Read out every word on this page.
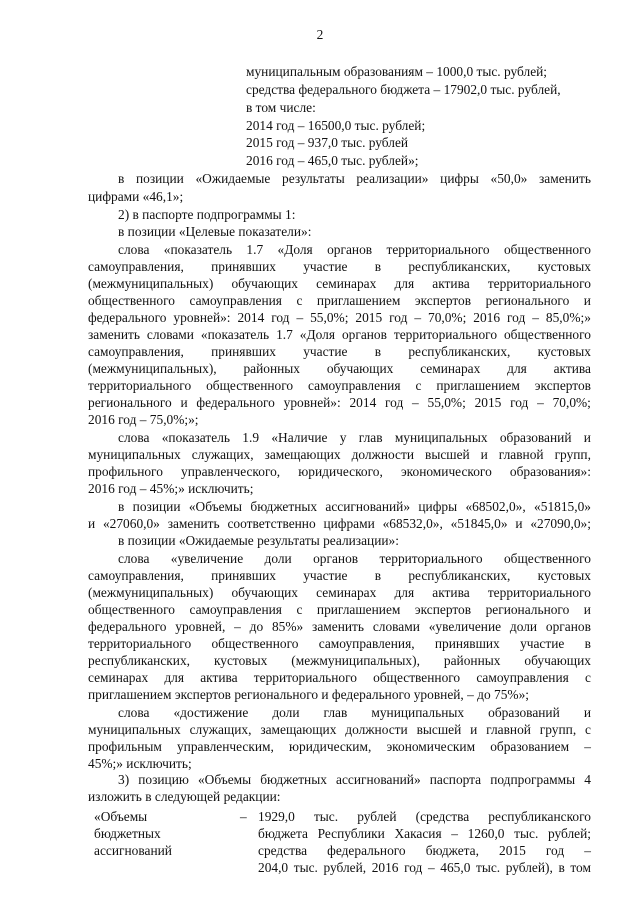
2
муниципальным образованиям – 1000,0 тыс. рублей;
средства федерального бюджета – 17902,0 тыс. рублей,
в том числе:
2014 год – 16500,0 тыс. рублей;
2015 год – 937,0 тыс. рублей
2016 год – 465,0 тыс. рублей»;
в позиции «Ожидаемые результаты реализации» цифры «50,0» заменить
цифрами «46,1»;
2) в паспорте подпрограммы 1:
в позиции «Целевые показатели»:
слова «показатель 1.7 «Доля органов территориального общественного
самоуправления, принявших участие в республиканских, кустовых
(межмуниципальных) обучающих семинарах для актива территориального
общественного самоуправления с приглашением экспертов регионального и
федерального уровней»: 2014 год – 55,0%; 2015 год – 70,0%; 2016 год – 85,0%;»
заменить словами «показатель 1.7 «Доля органов территориального общественного
самоуправления, принявших участие в республиканских, кустовых
(межмуниципальных), районных обучающих семинарах для актива
территориального общественного самоуправления с приглашением экспертов
регионального и федерального уровней»: 2014 год – 55,0%; 2015 год – 70,0%;
2016 год – 75,0%;»;
слова «показатель 1.9 «Наличие у глав муниципальных образований и
муниципальных служащих, замещающих должности высшей и главной групп,
профильного управленческого, юридического, экономического образования»:
2016 год – 45%;» исключить;
в позиции «Объемы бюджетных ассигнований» цифры «68502,0», «51815,0»
и «27060,0» заменить соответственно цифрами «68532,0», «51845,0» и «27090,0»;
в позиции «Ожидаемые результаты реализации»:
слова «увеличение доли органов территориального общественного
самоуправления, принявших участие в республиканских, кустовых
(межмуниципальных) обучающих семинарах для актива территориального
общественного самоуправления с приглашением экспертов регионального и
федерального уровней, – до 85%» заменить словами «увеличение доли органов
территориального общественного самоуправления, принявших участие в
республиканских, кустовых (межмуниципальных), районных обучающих
семинарах для актива территориального общественного самоуправления с
приглашением экспертов регионального и федерального уровней, – до 75%»;
слова «достижение доли глав муниципальных образований и
муниципальных служащих, замещающих должности высшей и главной групп, с
профильным управленческим, юридическим, экономическим образованием –
45%;» исключить;
3) позицию «Объемы бюджетных ассигнований» паспорта подпрограммы 4
изложить в следующей редакции:
«Объемы
бюджетных
ассигнований
– 1929,0 тыс. рублей (средства республиканского
бюджета Республики Хакасия – 1260,0 тыс. рублей;
средства федерального бюджета, 2015 год –
204,0 тыс. рублей, 2016 год – 465,0 тыс. рублей), в том
